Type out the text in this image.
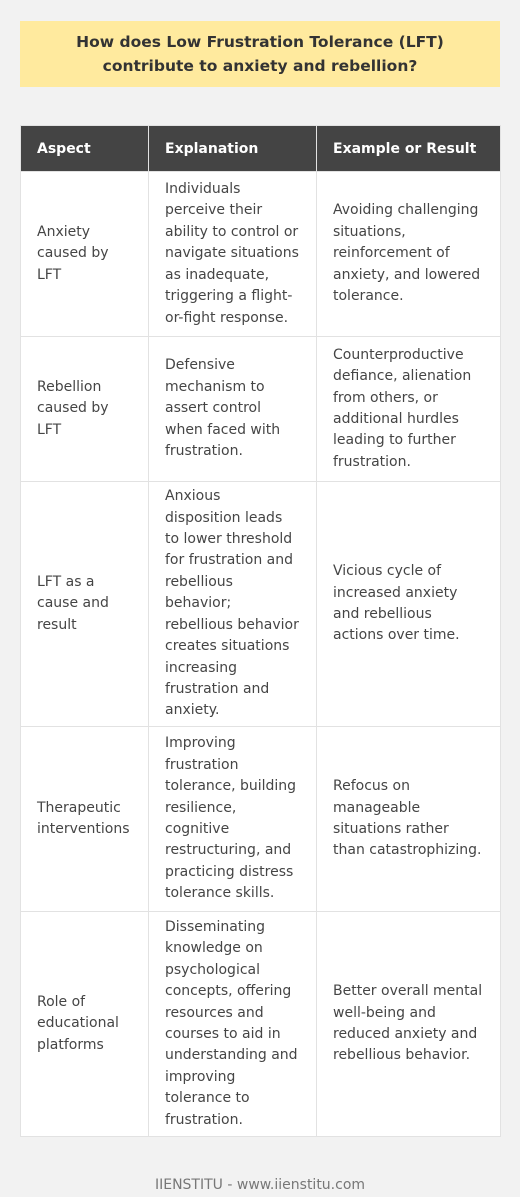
How does Low Frustration Tolerance (LFT) contribute to anxiety and rebellion?
Aspect	Explanation	Example or Result
Anxiety caused by LFT	Individuals perceive their ability to control or navigate situations as inadequate, triggering a flight-or-fight response.	Avoiding challenging situations, reinforcement of anxiety, and lowered tolerance.
Rebellion caused by LFT	Defensive mechanism to assert control when faced with frustration.	Counterproductive defiance, alienation from others, or additional hurdles leading to further frustration.
LFT as a cause and result	Anxious disposition leads to lower threshold for frustration and rebellious behavior; rebellious behavior creates situations increasing frustration and anxiety.	Vicious cycle of increased anxiety and rebellious actions over time.
Therapeutic interventions	Improving frustration tolerance, building resilience, cognitive restructuring, and practicing distress tolerance skills.	Refocus on manageable situations rather than catastrophizing.
Role of educational platforms	Disseminating knowledge on psychological concepts, offering resources and courses to aid in understanding and improving tolerance to frustration.	Better overall mental well-being and reduced anxiety and rebellious behavior.
IIENSTITU - www.iienstitu.com
